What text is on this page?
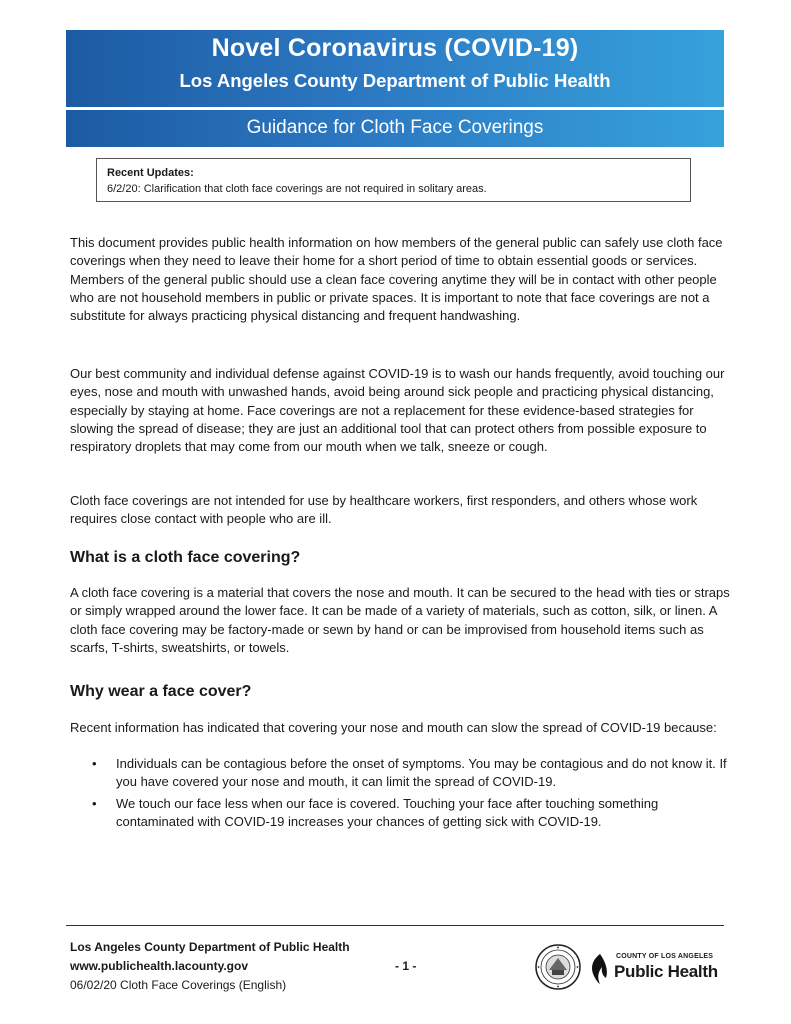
Novel Coronavirus (COVID-19)
Los Angeles County Department of Public Health
Guidance for Cloth Face Coverings
Recent Updates:
6/2/20: Clarification that cloth face coverings are not required in solitary areas.

This document provides public health information on how members of the general public can safely use cloth face coverings when they need to leave their home for a short period of time to obtain essential goods or services. Members of the general public should use a clean face covering anytime they will be in contact with other people who are not household members in public or private spaces. It is important to note that face coverings are not a substitute for always practicing physical distancing and frequent handwashing.

Our best community and individual defense against COVID-19 is to wash our hands frequently, avoid touching our eyes, nose and mouth with unwashed hands, avoid being around sick people and practicing physical distancing, especially by staying at home. Face coverings are not a replacement for these evidence-based strategies for slowing the spread of disease; they are just an additional tool that can protect others from possible exposure to respiratory droplets that may come from our mouth when we talk, sneeze or cough.

Cloth face coverings are not intended for use by healthcare workers, first responders, and others whose work requires close contact with people who are ill.

What is a cloth face covering?

A cloth face covering is a material that covers the nose and mouth. It can be secured to the head with ties or straps or simply wrapped around the lower face. It can be made of a variety of materials, such as cotton, silk, or linen. A cloth face covering may be factory-made or sewn by hand or can be improvised from household items such as scarfs, T-shirts, sweatshirts, or towels.

Why wear a face cover?

Recent information has indicated that covering your nose and mouth can slow the spread of COVID-19 because:

• Individuals can be contagious before the onset of symptoms. You may be contagious and do not know it. If you have covered your nose and mouth, it can limit the spread of COVID-19.
• We touch our face less when our face is covered. Touching your face after touching something contaminated with COVID-19 increases your chances of getting sick with COVID-19.
Los Angeles County Department of Public Health
www.publichealth.lacounty.gov
06/02/20 Cloth Face Coverings (English)
- 1 -
COUNTY OF LOS ANGELES
Public Health
